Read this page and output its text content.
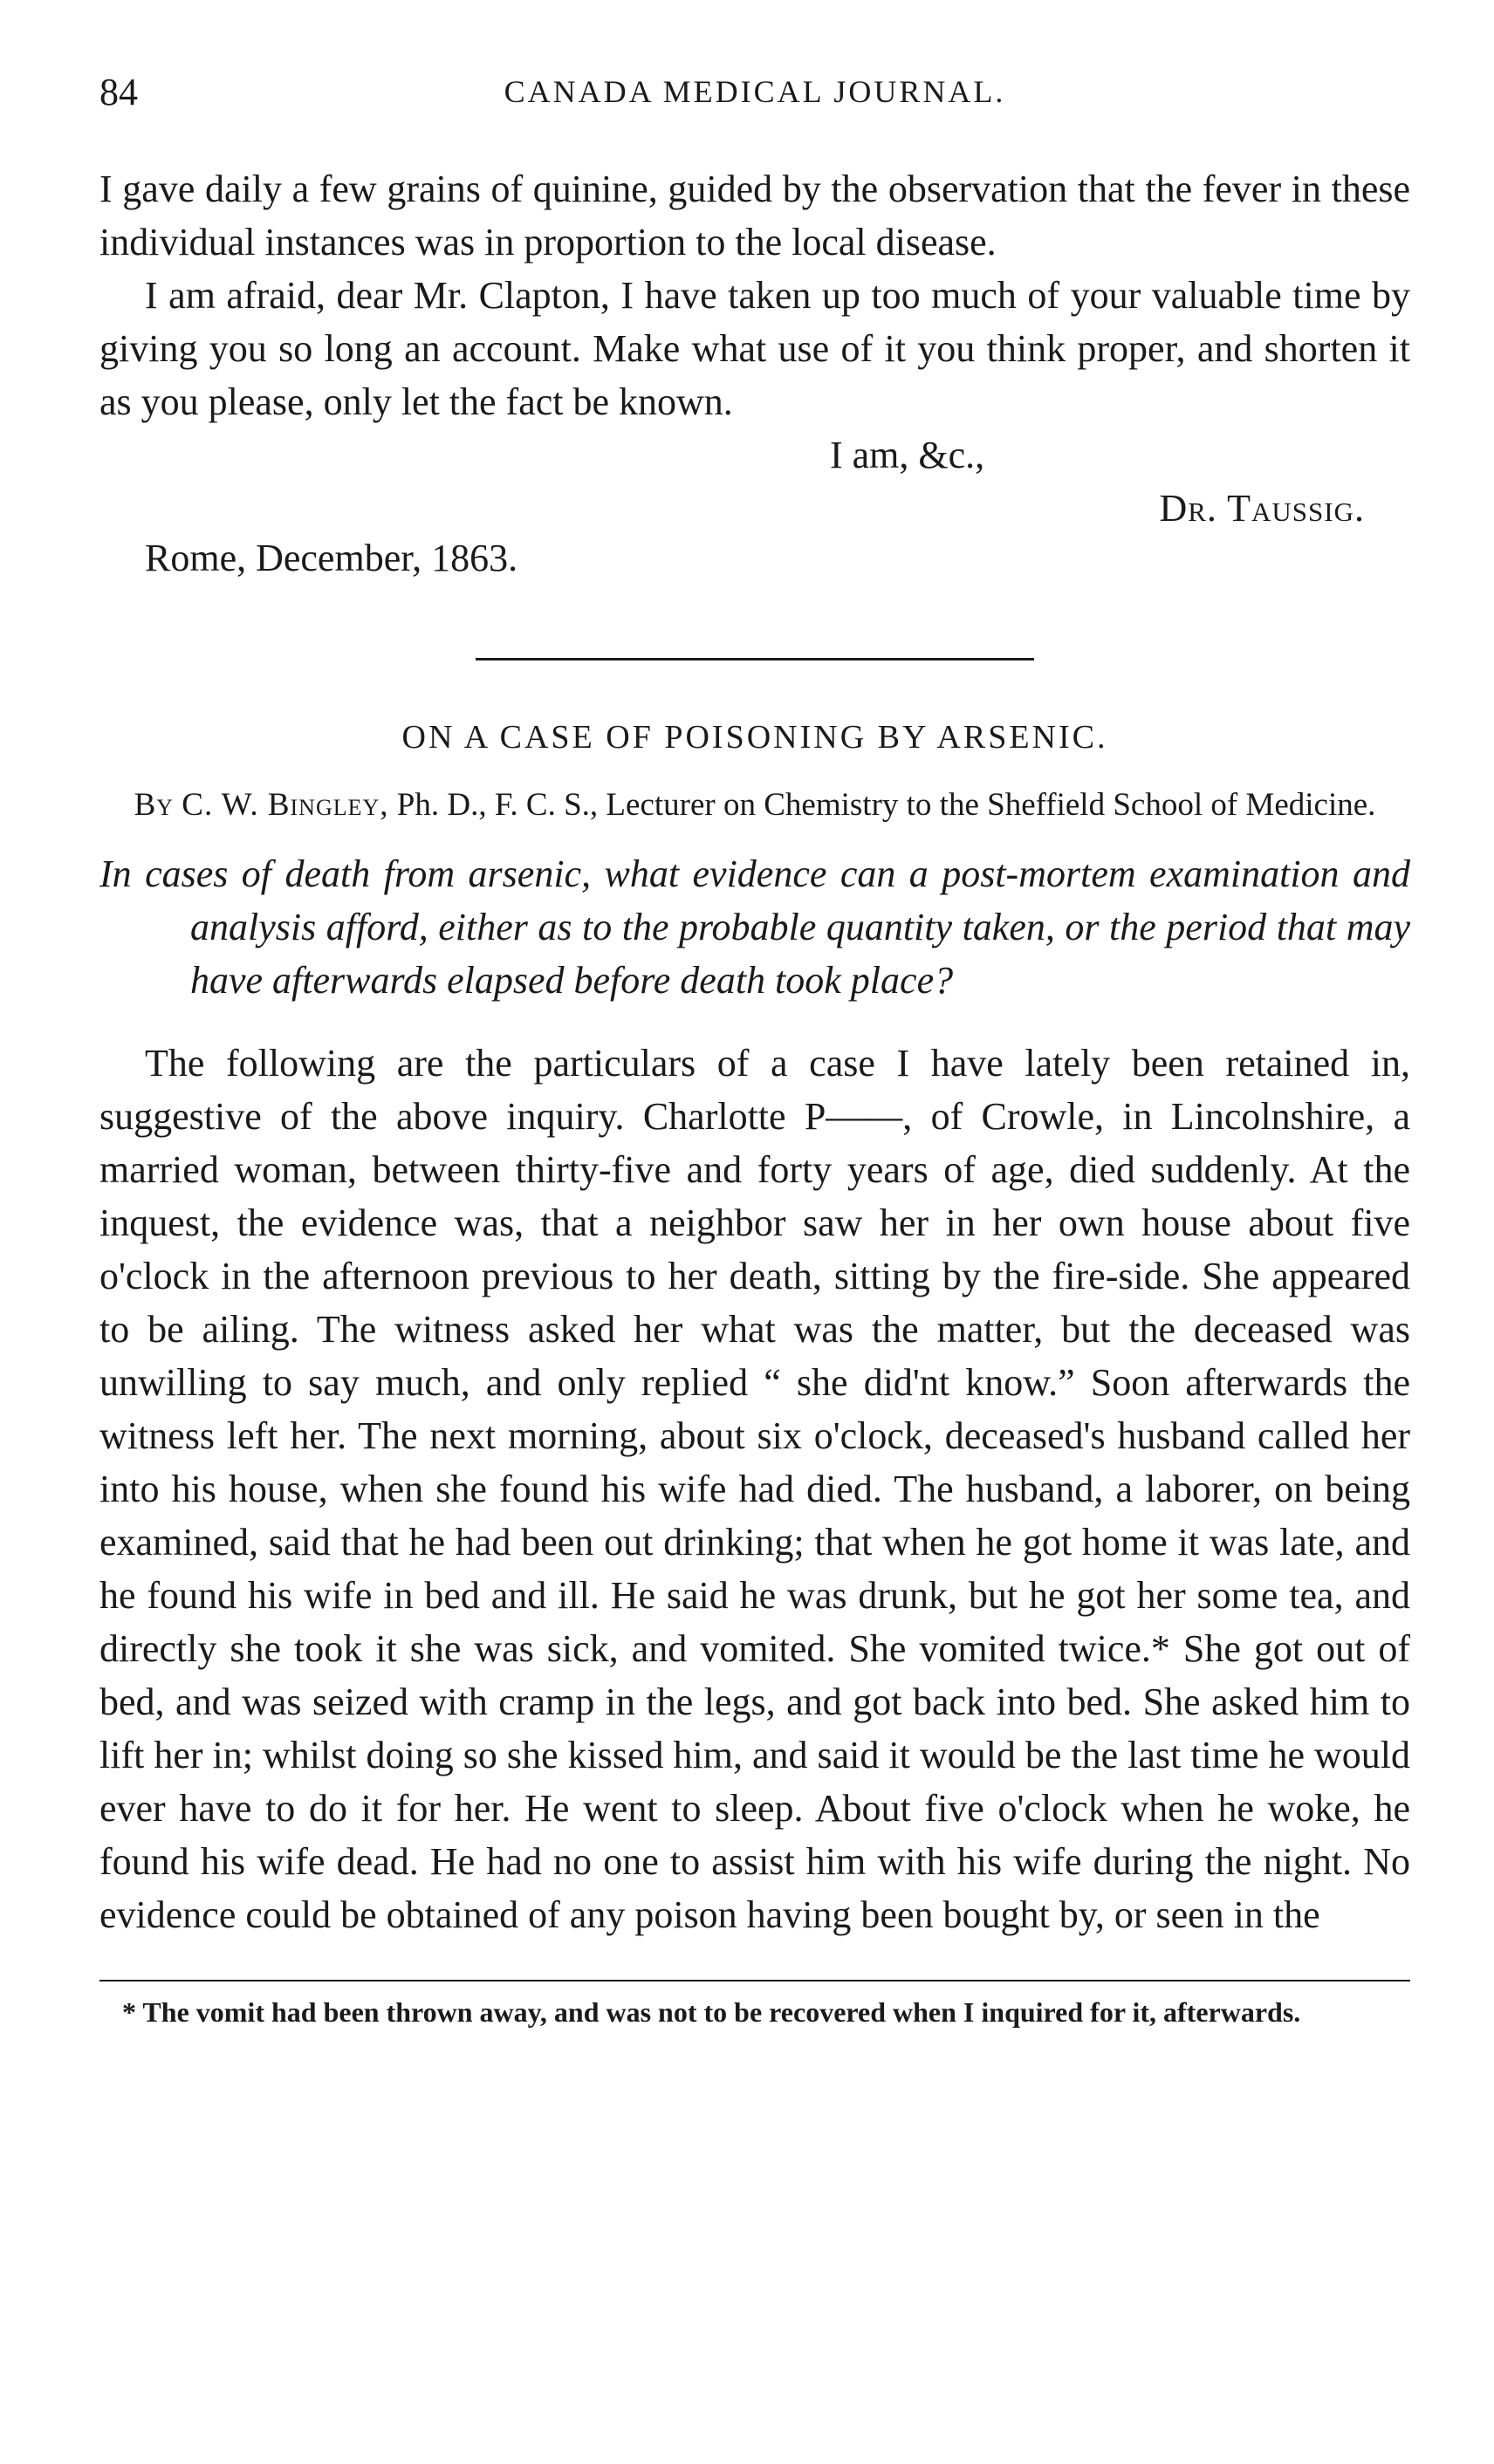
84	CANADA MEDICAL JOURNAL.

I gave daily a few grains of quinine, guided by the observation that the fever in these individual instances was in proportion to the local disease.

I am afraid, dear Mr. Clapton, I have taken up too much of your valuable time by giving you so long an account. Make what use of it you think proper, and shorten it as you please, only let the fact be known.

I am, &c.,

Dr. Taussig.

Rome, December, 1863.

ON A CASE OF POISONING BY ARSENIC.

By C. W. Bingley, Ph. D., F. C. S., Lecturer on Chemistry to the Sheffield School of Medicine.

In cases of death from arsenic, what evidence can a post-mortem examination and analysis afford, either as to the probable quantity taken, or the period that may have afterwards elapsed before death took place?

The following are the particulars of a case I have lately been retained in, suggestive of the above inquiry. Charlotte P——, of Crowle, in Lincolnshire, a married woman, between thirty-five and forty years of age, died suddenly. At the inquest, the evidence was, that a neighbor saw her in her own house about five o'clock in the afternoon previous to her death, sitting by the fire-side. She appeared to be ailing. The witness asked her what was the matter, but the deceased was unwilling to say much, and only replied “ she did'nt know.” Soon afterwards the witness left her. The next morning, about six o'clock, deceased's husband called her into his house, when she found his wife had died. The husband, a laborer, on being examined, said that he had been out drinking; that when he got home it was late, and he found his wife in bed and ill. He said he was drunk, but he got her some tea, and directly she took it she was sick, and vomited. She vomited twice.* She got out of bed, and was seized with cramp in the legs, and got back into bed. She asked him to lift her in; whilst doing so she kissed him, and said it would be the last time he would ever have to do it for her. He went to sleep. About five o'clock when he woke, he found his wife dead. He had no one to assist him with his wife during the night. No evidence could be obtained of any poison having been bought by, or seen in the

* The vomit had been thrown away, and was not to be recovered when I inquired for it, afterwards.
